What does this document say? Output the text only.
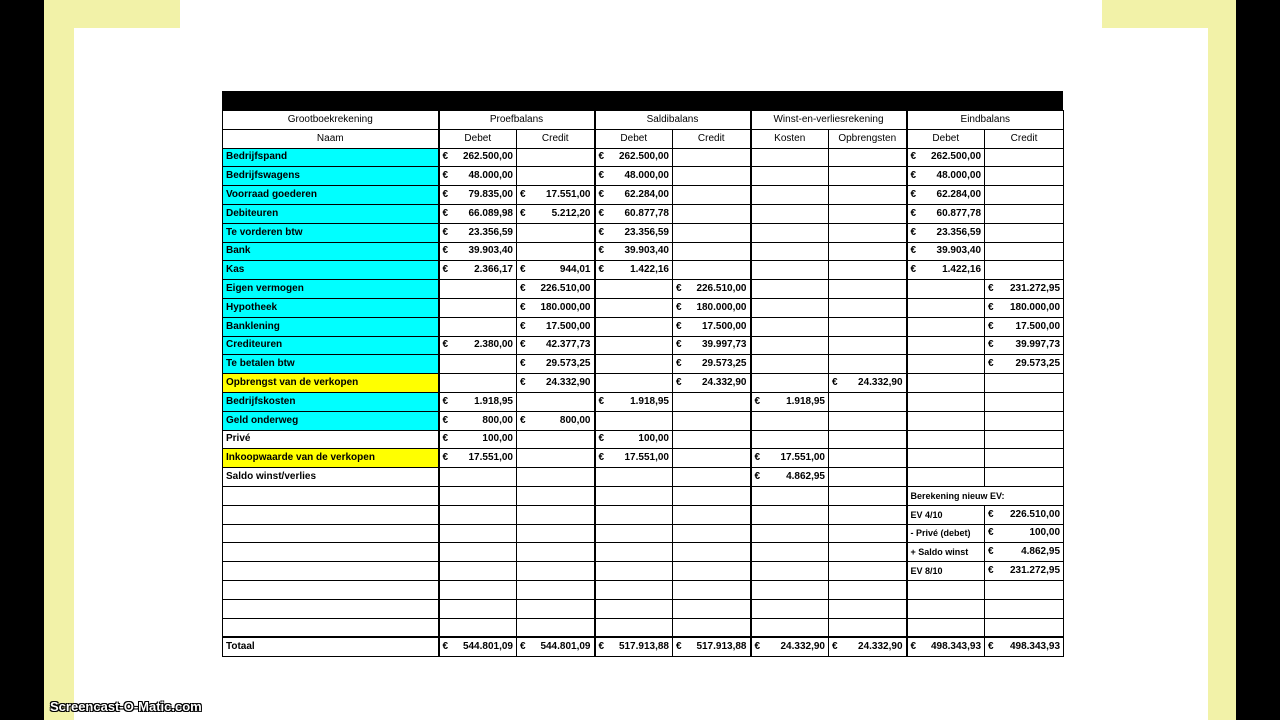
Grootboekrekening	Proefbalans		Saldibalans		Winst-en-verliesrekening		Eindbalans	
Naam	Debet	Credit	Debet	Credit	Kosten	Opbrengsten	Debet	Credit
Bedrijfspand	€ 262.500,00		€ 262.500,00				€ 262.500,00	
Bedrijfswagens	€ 48.000,00		€ 48.000,00				€ 48.000,00	
Voorraad goederen	€ 79.835,00	€ 17.551,00	€ 62.284,00				€ 62.284,00	
Debiteuren	€ 66.089,98	€ 5.212,20	€ 60.877,78				€ 60.877,78	
Te vorderen btw	€ 23.356,59		€ 23.356,59				€ 23.356,59	
Bank	€ 39.903,40		€ 39.903,40				€ 39.903,40	
Kas	€ 2.366,17	€ 944,01	€ 1.422,16				€ 1.422,16	
Eigen vermogen		€ 226.510,00		€ 226.510,00				€ 231.272,95
Hypotheek		€ 180.000,00		€ 180.000,00				€ 180.000,00
Banklening		€ 17.500,00		€ 17.500,00				€ 17.500,00
Crediteuren	€ 2.380,00	€ 42.377,73		€ 39.997,73				€ 39.997,73
Te betalen btw		€ 29.573,25		€ 29.573,25				€ 29.573,25
Opbrengst van de verkopen		€ 24.332,90		€ 24.332,90		€ 24.332,90		
Bedrijfskosten	€ 1.918,95		€ 1.918,95		€ 1.918,95			
Geld onderweg	€ 800,00	€ 800,00						
Privé	€ 100,00		€ 100,00					
Inkoopwaarde van de verkopen	€ 17.551,00		€ 17.551,00		€ 17.551,00			
Saldo winst/verlies					€ 4.862,95			
							Berekening nieuw EV:	
							EV 4/10	€ 226.510,00
							- Privé (debet)	€ 100,00
							+ Saldo winst	€ 4.862,95
							EV 8/10	€ 231.272,95

Totaal	€ 544.801,09	€ 544.801,09	€ 517.913,88	€ 517.913,88	€ 24.332,90	€ 24.332,90	€ 498.343,93	€ 498.343,93
Screencast-O-Matic.com
